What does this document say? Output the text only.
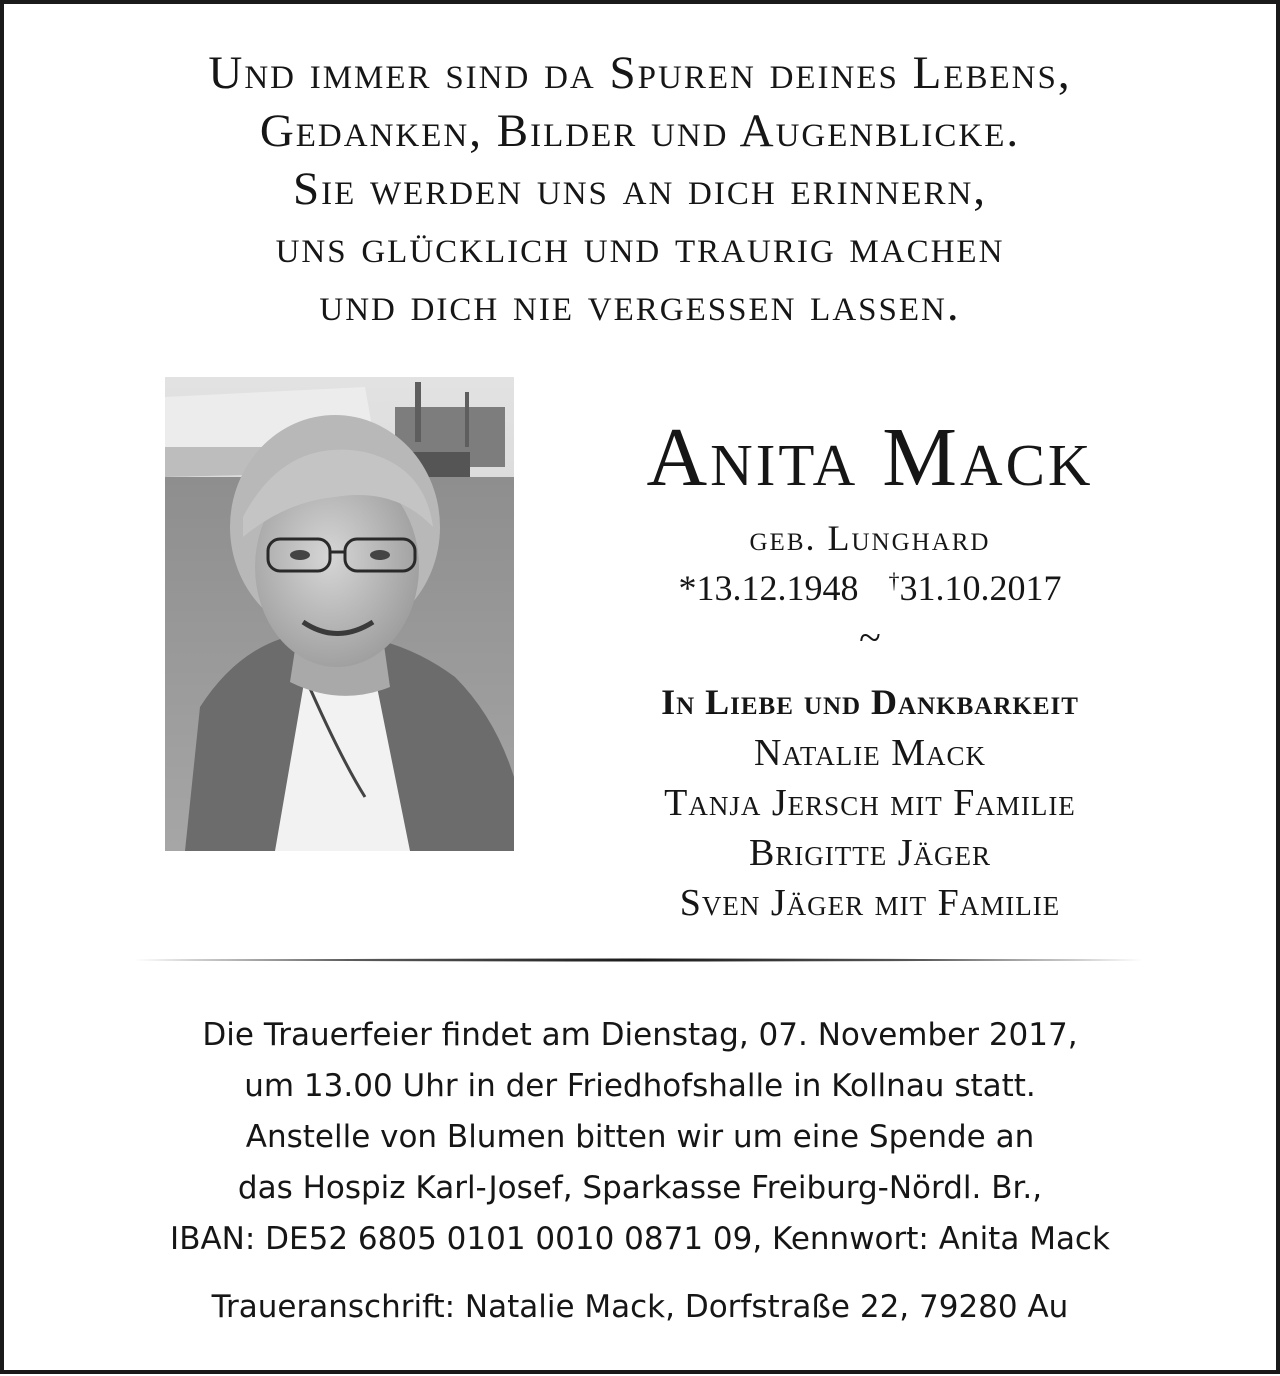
Und immer sind da Spuren deines Lebens,
Gedanken, Bilder und Augenblicke.
Sie werden uns an dich erinnern,
uns glücklich und traurig machen
und dich nie vergessen lassen.
Anita Mack
geb. Lunghard
*13.12.1948 †31.10.2017
~
In Liebe und Dankbarkeit
Natalie Mack
Tanja Jersch mit Familie
Brigitte Jäger
Sven Jäger mit Familie
Die Trauerfeier findet am Dienstag, 07. November 2017,
um 13.00 Uhr in der Friedhofshalle in Kollnau statt.
Anstelle von Blumen bitten wir um eine Spende an
das Hospiz Karl-Josef, Sparkasse Freiburg-Nördl. Br.,
IBAN: DE52 6805 0101 0010 0871 09, Kennwort: Anita Mack
Traueranschrift: Natalie Mack, Dorfstraße 22, 79280 Au
